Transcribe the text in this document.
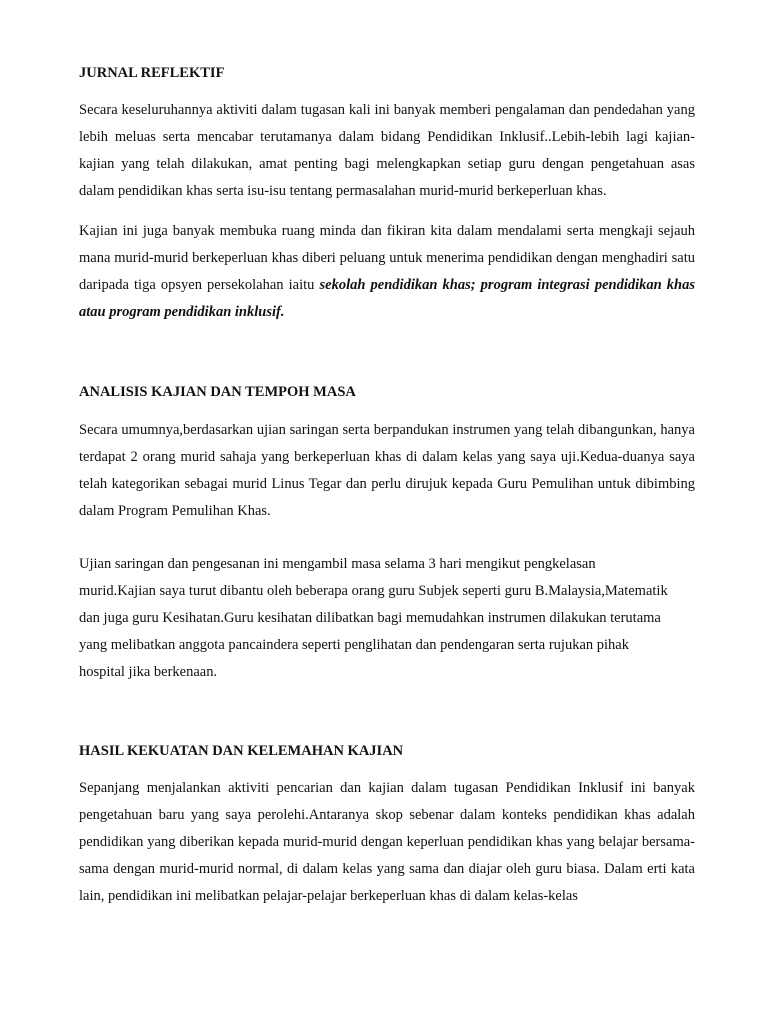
JURNAL REFLEKTIF

Secara keseluruhannya aktiviti dalam tugasan kali ini banyak memberi pengalaman dan pendedahan yang lebih meluas serta mencabar terutamanya dalam bidang Pendidikan Inklusif..Lebih-lebih lagi kajian-kajian yang telah dilakukan, amat penting bagi melengkapkan setiap guru dengan pengetahuan asas dalam pendidikan khas serta isu-isu tentang permasalahan murid-murid berkeperluan khas.

Kajian ini juga banyak membuka ruang minda dan fikiran kita dalam mendalami serta mengkaji sejauh mana murid-murid berkeperluan khas diberi peluang untuk menerima pendidikan dengan menghadiri satu daripada tiga opsyen persekolahan iaitu sekolah pendidikan khas; program integrasi pendidikan khas atau program pendidikan inklusif.

ANALISIS KAJIAN DAN TEMPOH MASA

Secara umumnya,berdasarkan ujian saringan serta berpandukan instrumen yang telah dibangunkan, hanya terdapat 2 orang murid sahaja yang berkeperluan khas di dalam kelas yang saya uji.Kedua-duanya saya telah kategorikan sebagai murid Linus Tegar dan perlu dirujuk kepada Guru Pemulihan untuk dibimbing dalam Program Pemulihan Khas.

Ujian saringan dan pengesanan ini mengambil masa selama 3 hari mengikut pengkelasan
murid.Kajian saya turut dibantu oleh beberapa orang guru Subjek seperti guru B.Malaysia,Matematik
dan juga guru Kesihatan.Guru kesihatan dilibatkan bagi memudahkan instrumen dilakukan terutama
yang melibatkan anggota pancaindera seperti penglihatan dan pendengaran serta rujukan pihak
hospital jika berkenaan.
HASIL KEKUATAN DAN KELEMAHAN KAJIAN

Sepanjang menjalankan aktiviti pencarian dan kajian dalam tugasan Pendidikan Inklusif ini banyak pengetahuan baru yang saya perolehi.Antaranya skop sebenar dalam konteks pendidikan khas adalah pendidikan yang diberikan kepada murid-murid dengan keperluan pendidikan khas yang belajar bersama-sama dengan murid-murid normal, di dalam kelas yang sama dan diajar oleh guru biasa. Dalam erti kata lain, pendidikan ini melibatkan pelajar-pelajar berkeperluan khas di dalam kelas-kelas
